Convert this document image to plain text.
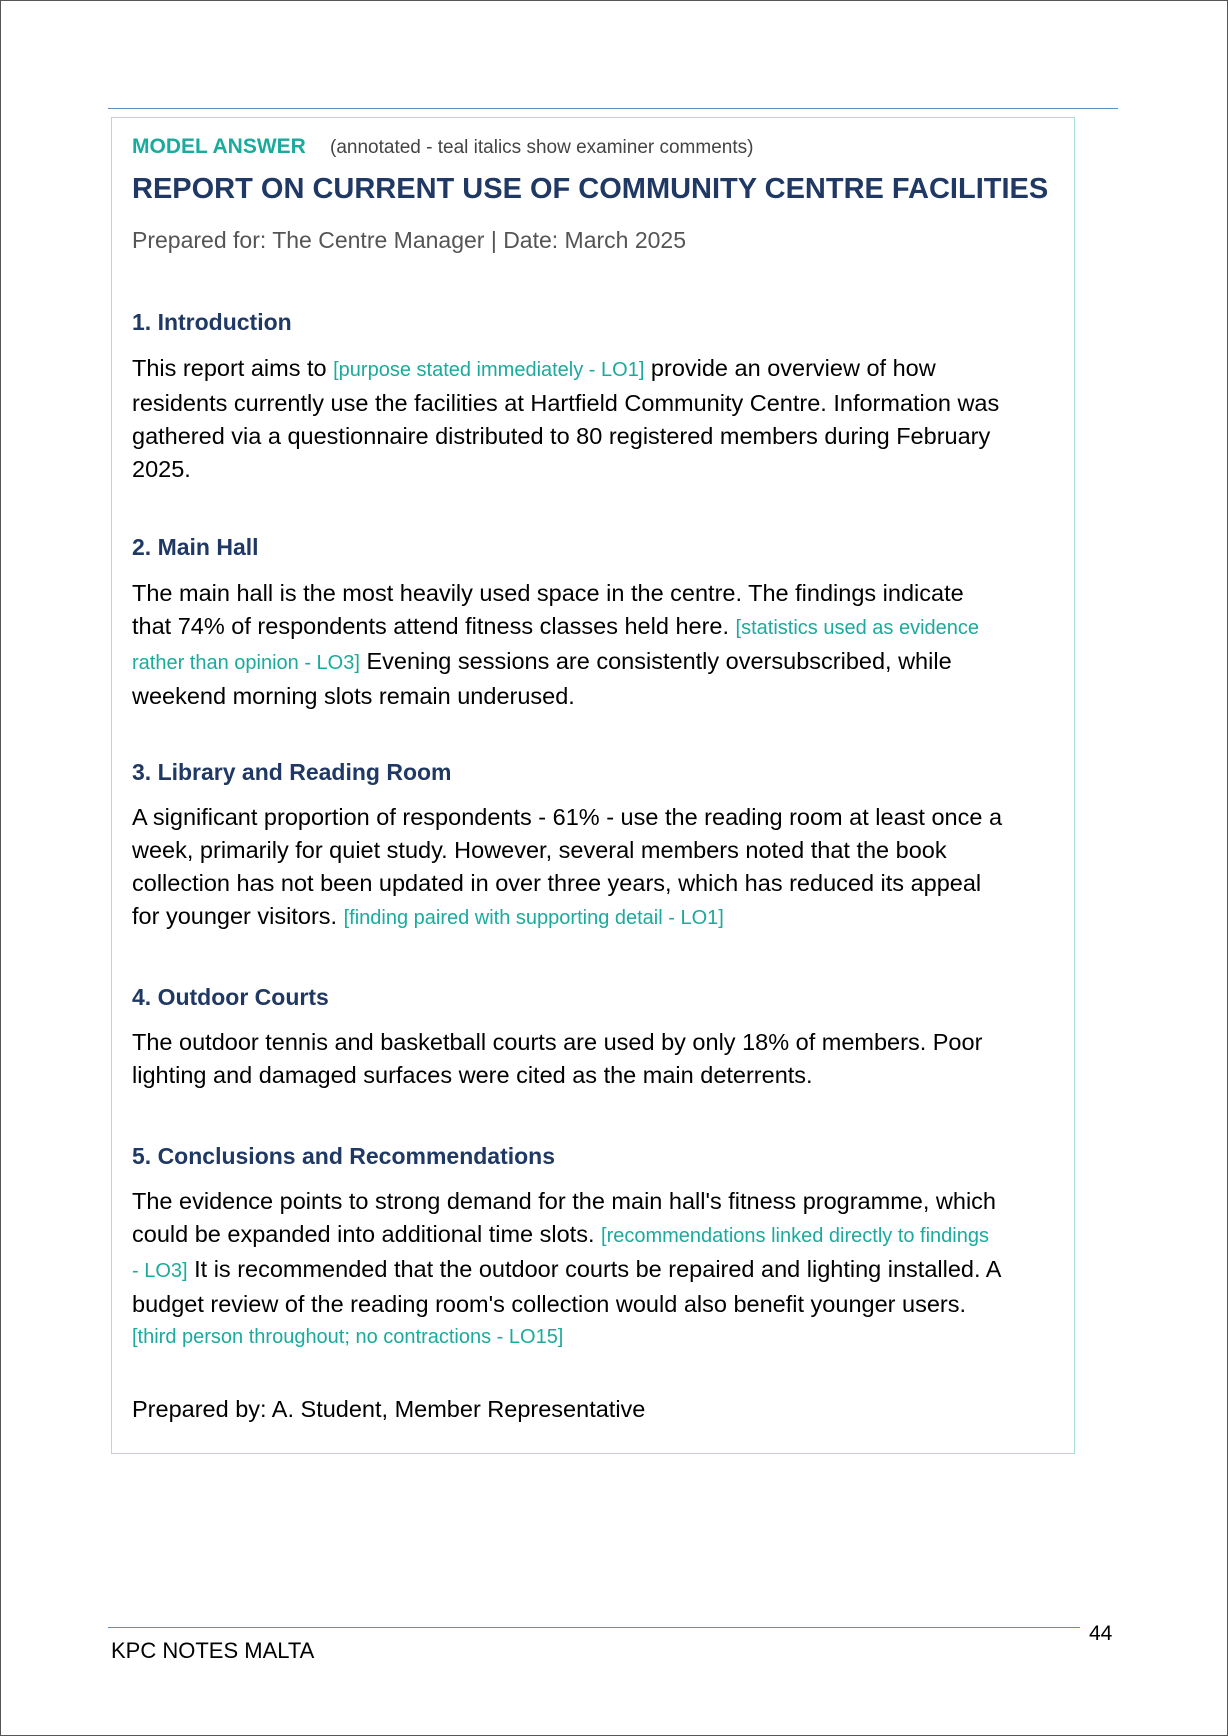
MODEL ANSWER (annotated - teal italics show examiner comments)
REPORT ON CURRENT USE OF COMMUNITY CENTRE FACILITIES
Prepared for: The Centre Manager | Date: March 2025
1. Introduction
This report aims to [purpose stated immediately - LO1] provide an overview of how
residents currently use the facilities at Hartfield Community Centre. Information was
gathered via a questionnaire distributed to 80 registered members during February
2025.
2. Main Hall
The main hall is the most heavily used space in the centre. The findings indicate
that 74% of respondents attend fitness classes held here. [statistics used as evidence
rather than opinion - LO3] Evening sessions are consistently oversubscribed, while
weekend morning slots remain underused.
3. Library and Reading Room
A significant proportion of respondents - 61% - use the reading room at least once a
week, primarily for quiet study. However, several members noted that the book
collection has not been updated in over three years, which has reduced its appeal
for younger visitors. [finding paired with supporting detail - LO1]
4. Outdoor Courts
The outdoor tennis and basketball courts are used by only 18% of members. Poor
lighting and damaged surfaces were cited as the main deterrents.
5. Conclusions and Recommendations
The evidence points to strong demand for the main hall's fitness programme, which
could be expanded into additional time slots. [recommendations linked directly to findings
- LO3] It is recommended that the outdoor courts be repaired and lighting installed. A
budget review of the reading room's collection would also benefit younger users.
[third person throughout; no contractions - LO15]
Prepared by: A. Student, Member Representative
KPC NOTES MALTA
44
